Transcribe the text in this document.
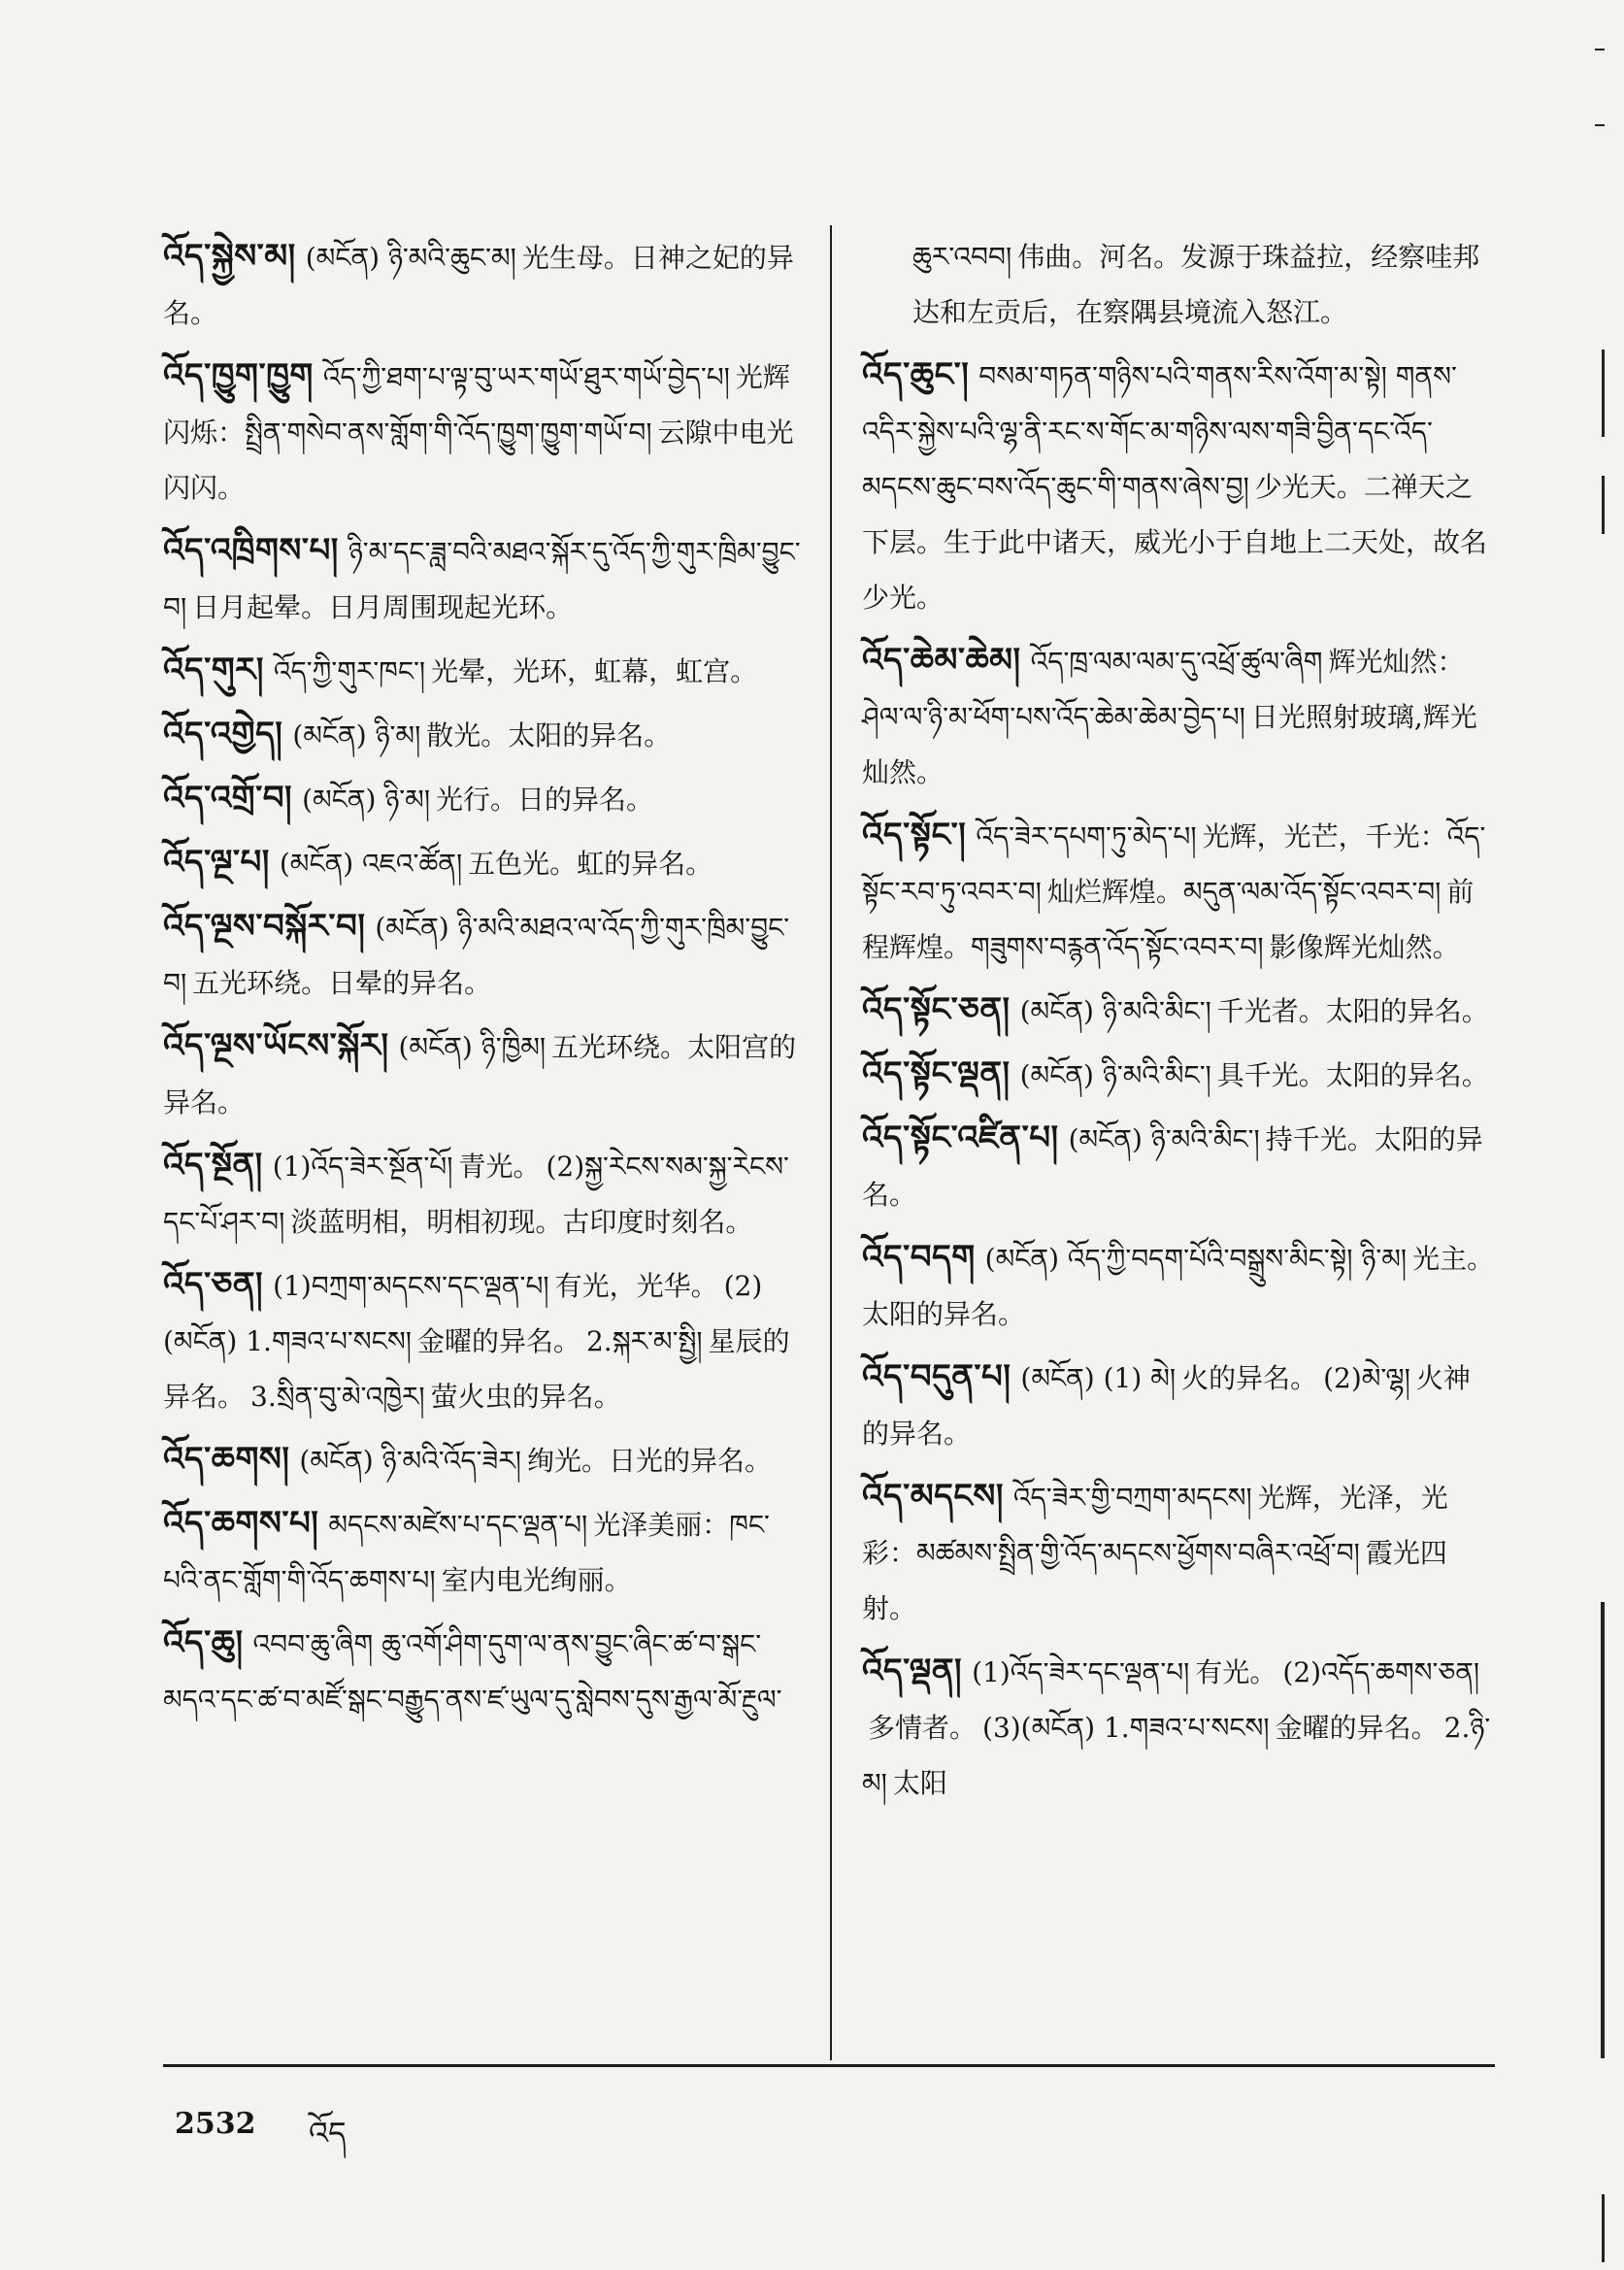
འོད་སྐྱེས་མ། (མངོན) ཉི་མའི་ཆུང་མ། 光生母。日神之妃的异名。
འོད་ཁྱུག་ཁྱུག འོད་ཀྱི་ཐག་པ་ལྟ་བུ་ཡར་གཡོ་ཐུར་གཡོ་བྱེད་པ། 光辉闪烁：སྤྲིན་གསེབ་ནས་གློག་གི་འོད་ཁྱུག་ཁྱུག་གཡོ་བ། 云隙中电光闪闪。
འོད་འཁྲིགས་པ། ཉི་མ་དང་ཟླ་བའི་མཐའ་སྐོར་དུ་འོད་ཀྱི་གུར་ཁྲིམ་བྱུང་བ། 日月起晕。日月周围现起光环。
འོད་གུར། འོད་ཀྱི་གུར་ཁང་། 光晕，光环，虹幕，虹宫。
འོད་འགྱེད། (མངོན) ཉི་མ། 散光。太阳的异名。
འོད་འགྲོ་བ། (མངོན) ཉི་མ། 光行。日的异名。
འོད་ལྔ་པ། (མངོན) འཇའ་ཚོན། 五色光。虹的异名。
འོད་ལྔས་བསྐོར་བ། (མངོན) ཉི་མའི་མཐའ་ལ་འོད་ཀྱི་གུར་ཁྲིམ་བྱུང་བ། 五光环绕。日晕的异名。
འོད་ལྔས་ཡོངས་སྐོར། (མངོན) ཉི་ཁྱིམ། 五光环绕。太阳宫的异名。
འོད་སྔོན། (1)འོད་ཟེར་སྔོན་པོ། 青光。 (2)སྐྱ་རེངས་སམ་སྐྱ་རེངས་དང་པོ་ཤར་བ། 淡蓝明相，明相初现。古印度时刻名。
འོད་ཅན། (1)བཀྲག་མདངས་དང་ལྡན་པ། 有光，光华。 (2)(མངོན) 1.གཟའ་པ་སངས། 金曜的异名。 2.སྐར་མ་སྤྱི། 星辰的异名。 3.སྲིན་བུ་མེ་འཁྱེར། 萤火虫的异名。
འོད་ཆགས། (མངོན) ཉི་མའི་འོད་ཟེར། 绚光。日光的异名。
འོད་ཆགས་པ། མདངས་མཛེས་པ་དང་ལྡན་པ། 光泽美丽：ཁང་པའི་ནང་གློག་གི་འོད་ཆགས་པ། 室内电光绚丽。
འོད་ཆུ། འབབ་ཆུ་ཞིག ཆུ་འགོ་ཤིག་དུག་ལ་ནས་བྱུང་ཞིང་ཚ་བ་སྒང་མདའ་དང་ཚ་བ་མཛོ་སྒང་བརྒྱུད་ནས་ཛ་ཡུལ་དུ་སླེབས་དུས་རྒྱལ་མོ་རྔུལ་
ཆུར་འབབ། 伟曲。河名。发源于珠益拉，经察哇邦达和左贡后，在察隅县境流入怒江。
འོད་ཆུང་། བསམ་གཏན་གཉིས་པའི་གནས་རིས་འོག་མ་སྟེ། གནས་འདིར་སྐྱེས་པའི་ལྷ་ནི་རང་ས་གོང་མ་གཉིས་ལས་གཟི་བྱིན་དང་འོད་མདངས་ཆུང་བས་འོད་ཆུང་གི་གནས་ཞེས་བྱ། 少光天。二禅天之下层。生于此中诸天，威光小于自地上二天处，故名少光。
འོད་ཆེམ་ཆེམ། འོད་ཁྲ་ལམ་ལམ་དུ་འཕྲོ་ཚུལ་ཞིག 辉光灿然：ཤེལ་ལ་ཉི་མ་ཕོག་པས་འོད་ཆེམ་ཆེམ་བྱེད་པ། 日光照射玻璃,辉光灿然。
འོད་སྟོང་། འོད་ཟེར་དཔག་ཏུ་མེད་པ། 光辉，光芒，千光：འོད་སྟོང་རབ་ཏུ་འབར་བ། 灿烂辉煌。མདུན་ལམ་འོད་སྟོང་འབར་བ། 前程辉煌。གཟུགས་བརྙན་འོད་སྟོང་འབར་བ། 影像辉光灿然。
འོད་སྟོང་ཅན། (མངོན) ཉི་མའི་མིང་། 千光者。太阳的异名。
འོད་སྟོང་ལྡན། (མངོན) ཉི་མའི་མིང་། 具千光。太阳的异名。
འོད་སྟོང་འཛིན་པ། (མངོན) ཉི་མའི་མིང་། 持千光。太阳的异名。
འོད་བདག (མངོན) འོད་ཀྱི་བདག་པོའི་བསྒྲུས་མིང་སྟེ། ཉི་མ། 光主。太阳的异名。
འོད་བདུན་པ། (མངོན) (1) མེ། 火的异名。 (2)མེ་ལྷ། 火神的异名。
འོད་མདངས། འོད་ཟེར་གྱི་བཀྲག་མདངས། 光辉，光泽，光彩：མཚམས་སྤྲིན་གྱི་འོད་མདངས་ཕྱོགས་བཞིར་འཕྲོ་བ། 霞光四射。
འོད་ལྡན། (1)འོད་ཟེར་དང་ལྡན་པ། 有光。 (2)འདོད་ཆགས་ཅན།多情者。 (3)(མངོན) 1.གཟའ་པ་སངས། 金曜的异名。 2.ཉི་མ། 太阳
2532 འོད
